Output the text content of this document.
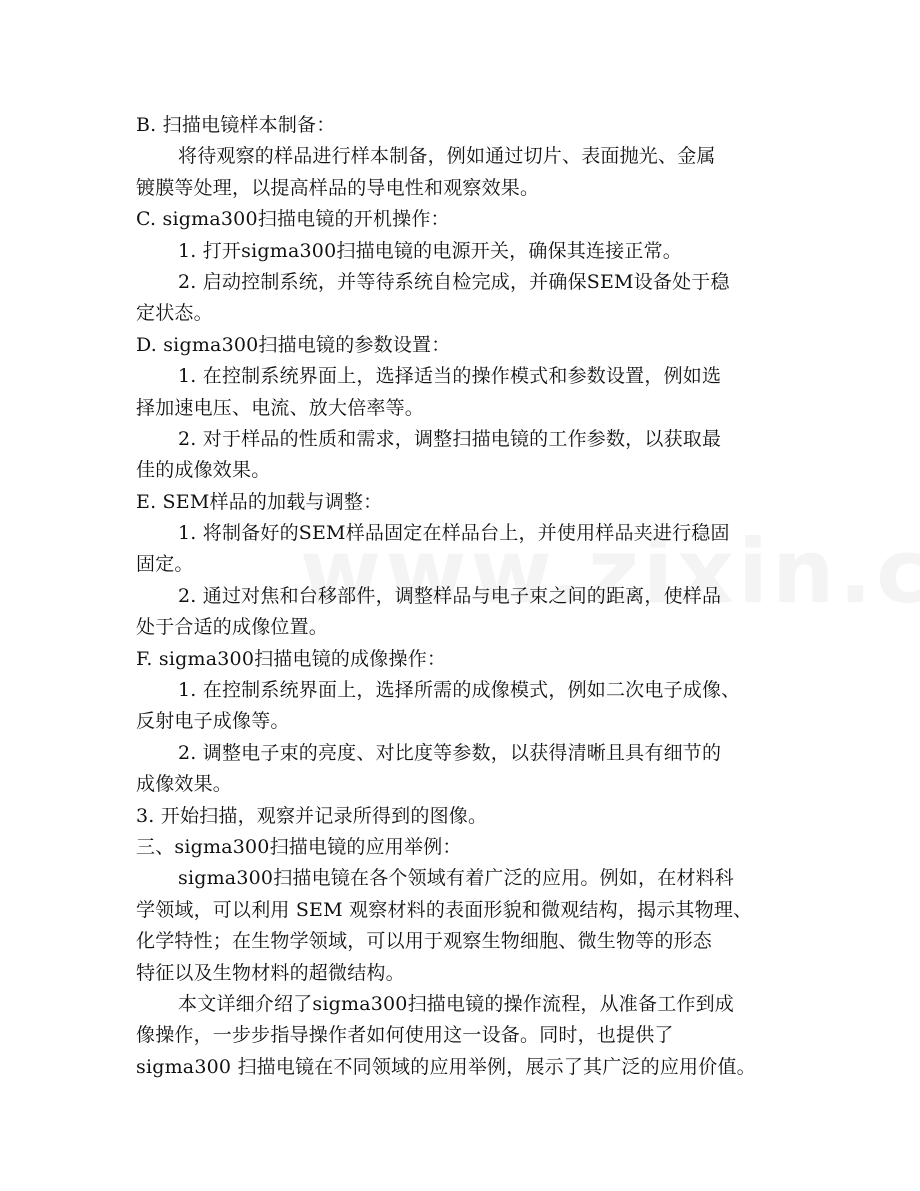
B. 扫描电镜样本制备：
将待观察的样品进行样本制备，例如通过切片、表面抛光、金属
镀膜等处理，以提高样品的导电性和观察效果。
C. sigma300扫描电镜的开机操作：
1. 打开sigma300扫描电镜的电源开关，确保其连接正常。
2. 启动控制系统，并等待系统自检完成，并确保SEM设备处于稳
定状态。
D. sigma300扫描电镜的参数设置：
1. 在控制系统界面上，选择适当的操作模式和参数设置，例如选
择加速电压、电流、放大倍率等。
2. 对于样品的性质和需求，调整扫描电镜的工作参数，以获取最
佳的成像效果。
E. SEM样品的加载与调整：
1. 将制备好的SEM样品固定在样品台上，并使用样品夹进行稳固
固定。
2. 通过对焦和台移部件，调整样品与电子束之间的距离，使样品
处于合适的成像位置。
F. sigma300扫描电镜的成像操作：
1. 在控制系统界面上，选择所需的成像模式，例如二次电子成像、
反射电子成像等。
2. 调整电子束的亮度、对比度等参数，以获得清晰且具有细节的
成像效果。
3. 开始扫描，观察并记录所得到的图像。
三、sigma300扫描电镜的应用举例：
sigma300扫描电镜在各个领域有着广泛的应用。例如，在材料科
学领域，可以利用 SEM 观察材料的表面形貌和微观结构，揭示其物理、
化学特性；在生物学领域，可以用于观察生物细胞、微生物等的形态
特征以及生物材料的超微结构。
本文详细介绍了sigma300扫描电镜的操作流程，从准备工作到成
像操作，一步步指导操作者如何使用这一设备。同时，也提供了
sigma300 扫描电镜在不同领域的应用举例，展示了其广泛的应用价值。
